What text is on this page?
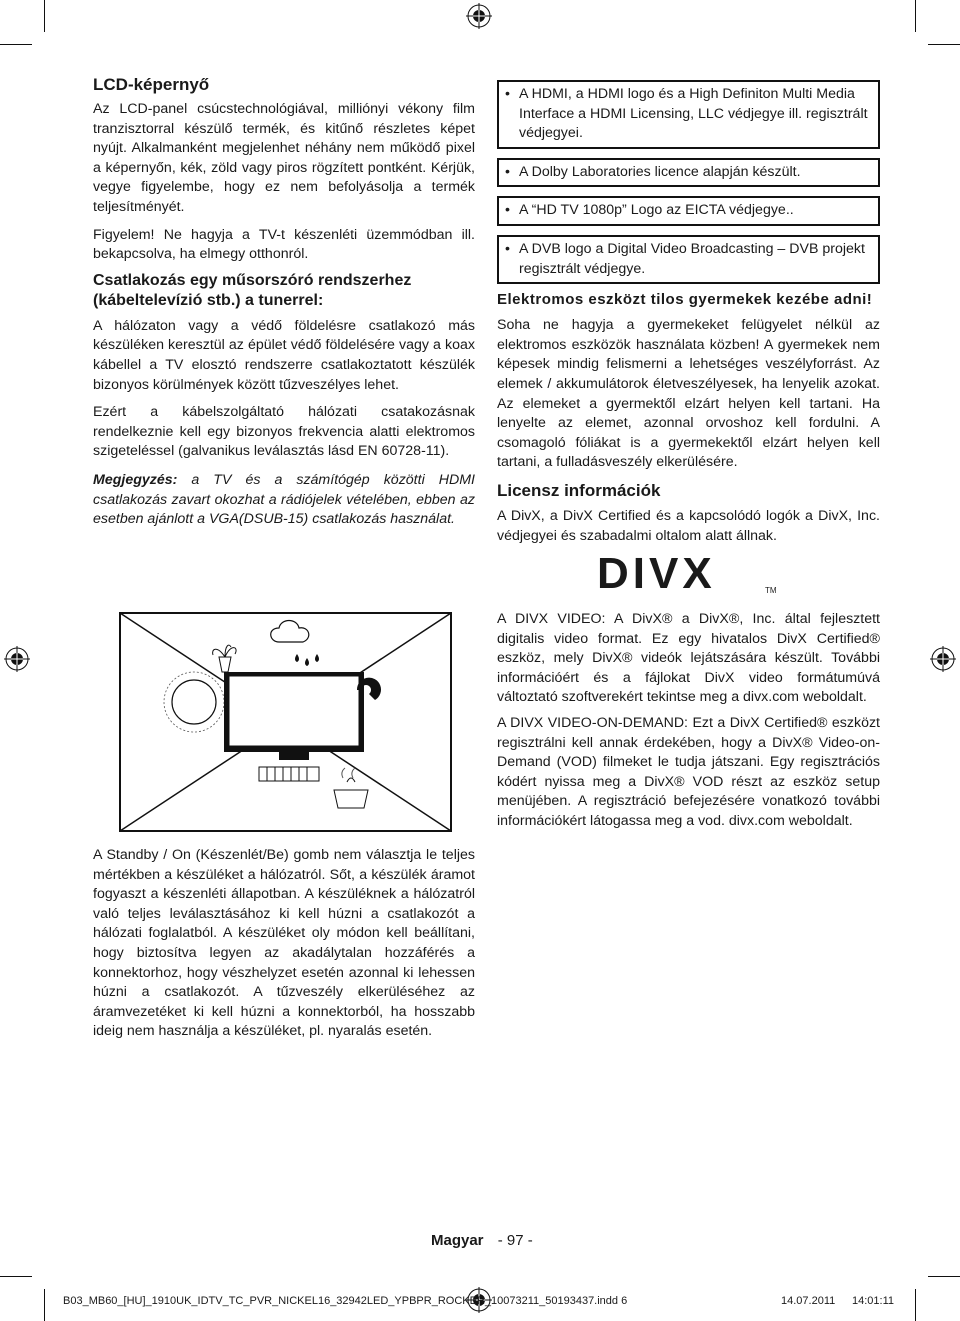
LCD-képernyő

Az LCD-panel csúcstechnológiával, milliónyi vékony film tranzisztorral készülő termék, és kitűnő részletes képet nyújt. Alkalmanként megjelenhet néhány nem működő pixel a képernyőn, kék, zöld vagy piros rögzített pontként. Kérjük, vegye figyelembe, hogy ez nem befolyásolja a termék teljesítményét.

Figyelem! Ne hagyja a TV-t készenléti üzemmódban ill. bekapcsolva, ha elmegy otthonról.

Csatlakozás egy műsorszóró rendszerhez (kábeltelevízió stb.) a tunerrel:

A hálózaton vagy a védő földelésre csatlakozó más készüléken keresztül az épület védő földelésére vagy a koax kábellel a TV elosztó rendszerre csatlakoztatott készülék bizonyos körülmények között tűzveszélyes lehet.

Ezért a kábelszolgáltató hálózati csatakozásnak rendelkeznie kell egy bizonyos frekvencia alatti elektromos szigeteléssel (galvanikus leválasztás lásd EN 60728-11).

Megjegyzés: a TV és a számítógép közötti HDMI csatlakozás zavart okozhat a rádiójelek vételében, ebben az esetben ajánlott a VGA(DSUB-15) csatlakozás használat.

A Standby / On (Készenlét/Be) gomb nem választja le teljes mértékben a készüléket a hálózatról. Sőt, a készülék áramot fogyaszt a készenléti állapotban. A készüléknek a hálózatról való teljes leválasztásához ki kell húzni a csatlakozót a hálózati foglalatból. A készüléket oly módon kell beállítani, hogy biztosítva legyen az akadálytalan hozzáférés a konnektorhoz, hogy vészhelyzet esetén azonnal ki lehessen húzni a csatlakozót. A tűzveszély elkerüléséhez az áramvezetéket ki kell húzni a konnektorból, ha hosszabb ideig nem használja a készüléket, pl. nyaralás esetén.

• A HDMI, a HDMI logo és a High Definiton Multi Media Interface a HDMI Licensing, LLC védjegye ill. regisztrált védjegyei.
• A Dolby Laboratories licence alapján készült.
• A “HD TV 1080p” Logo az EICTA védjegye..
• A DVB logo a Digital Video Broadcasting – DVB projekt regisztrált védjegye.
Elektromos eszközt tilos gyermekek kezébe adni!

Soha ne hagyja a gyermekeket felügyelet nélkül az elektromos eszközök használata közben! A gyermekek nem képesek mindig felismerni a lehetséges veszélyforrást. Az elemek / akkumulátorok életveszélyesek, ha lenyelik azokat. Az elemeket a gyermektől elzárt helyen kell tartani. Ha lenyelte az elemet, azonnal orvoshoz kell fordulni. A csomagoló fóliákat is a gyermekektől elzárt helyen kell tartani, a fulladásveszély elkerülésére.

Licensz információk

A DivX, a DivX Certified és a kapcsolódó logók a DivX, Inc. védjegyei és szabadalmi oltalom alatt állnak.

DIVX	TM

A DIVX VIDEO: A DivX® a DivX®, Inc. által fejlesztett digitalis video format. Ez egy hivatalos DivX Certified® eszköz, mely DivX® videók lejátszására készült. További információért és a fájlokat DivX video formátumúvá változtató szoftverekért tekintse meg a divx.com weboldalt.

A DIVX VIDEO-ON-DEMAND: Ezt a DivX Certified® eszközt regisztrálni kell annak érdekében, hogy a DivX® Video-on-Demand (VOD) filmeket le tudja játszani. Egy regisztrációs kódért nyissa meg a DivX® VOD részt az eszköz setup menüjében. A regisztráció befejezésére vonatkozó további információkért látogassa meg a vod. divx.com weboldalt.

Magyar - 97 -
B03_MB60_[HU]_1910UK_IDTV_TC_PVR_NICKEL16_32942LED_YPBPR_ROCKER_10073211_50193437.indd 6	14.07.2011 14:01:11
